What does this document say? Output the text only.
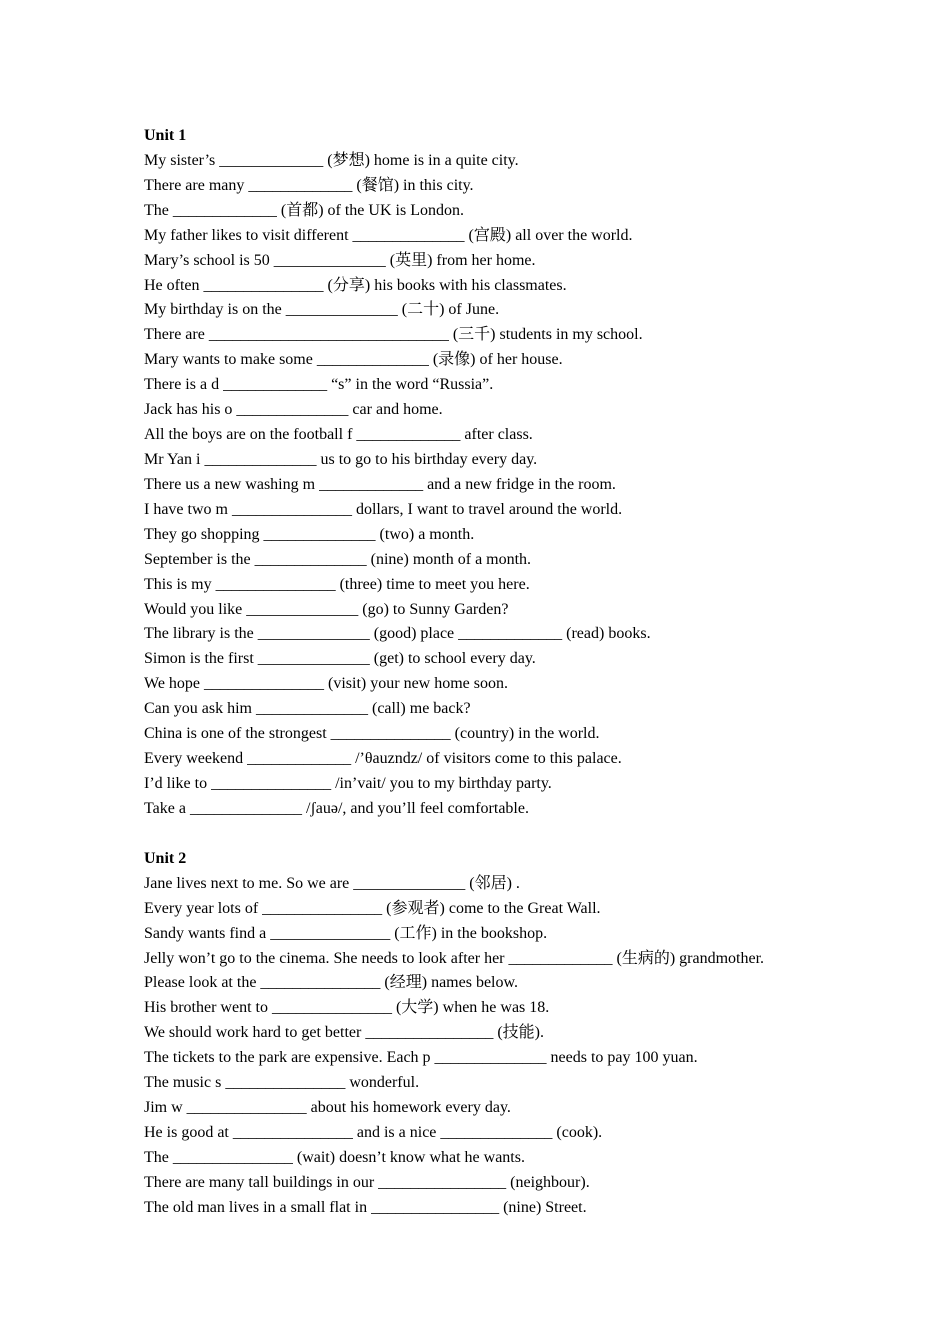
Unit 1
My sister’s _____________ (梦想) home is in a quite city.
There are many _____________ (餐馆) in this city.
The _____________ (首都) of the UK is London.
My father likes to visit different ______________ (宫殿) all over the world.
Mary’s school is 50 ______________ (英里) from her home.
He often _______________ (分享) his books with his classmates.
My birthday is on the ______________ (二十) of June.
There are ______________________________ (三千) students in my school.
Mary wants to make some ______________ (录像) of her house.
There is a d _____________ “s” in the word “Russia”.
Jack has his o ______________ car and home.
All the boys are on the football f _____________ after class.
Mr Yan i ______________ us to go to his birthday every day.
There us a new washing m _____________ and a new fridge in the room.
I have two m _______________ dollars, I want to travel around the world.
They go shopping ______________ (two) a month.
September is the ______________ (nine) month of a month.
This is my _______________ (three) time to meet you here.
Would you like ______________ (go) to Sunny Garden?
The library is the ______________ (good) place _____________ (read) books.
Simon is the first ______________ (get) to school every day.
We hope _______________ (visit) your new home soon.
Can you ask him ______________ (call) me back?
China is one of the strongest _______________ (country) in the world.
Every weekend _____________ /’θauzndz/ of visitors come to this palace.
I’d like to _______________ /in’vait/ you to my birthday party.
Take a ______________ /ʃauə/, and you’ll feel comfortable.
Unit 2
Jane lives next to me. So we are ______________ (邻居) .
Every year lots of _______________ (参观者) come to the Great Wall.
Sandy wants find a _______________ (工作) in the bookshop.
Jelly won’t go to the cinema. She needs to look after her _____________ (生病的) grandmother.
Please look at the _______________ (经理) names below.
His brother went to _______________ (大学) when he was 18.
We should work hard to get better ________________ (技能).
The tickets to the park are expensive. Each p ______________ needs to pay 100 yuan.
The music s _______________ wonderful.
Jim w _______________ about his homework every day.
He is good at _______________ and is a nice ______________ (cook).
The _______________ (wait) doesn’t know what he wants.
There are many tall buildings in our ________________ (neighbour).
The old man lives in a small flat in ________________ (nine) Street.
